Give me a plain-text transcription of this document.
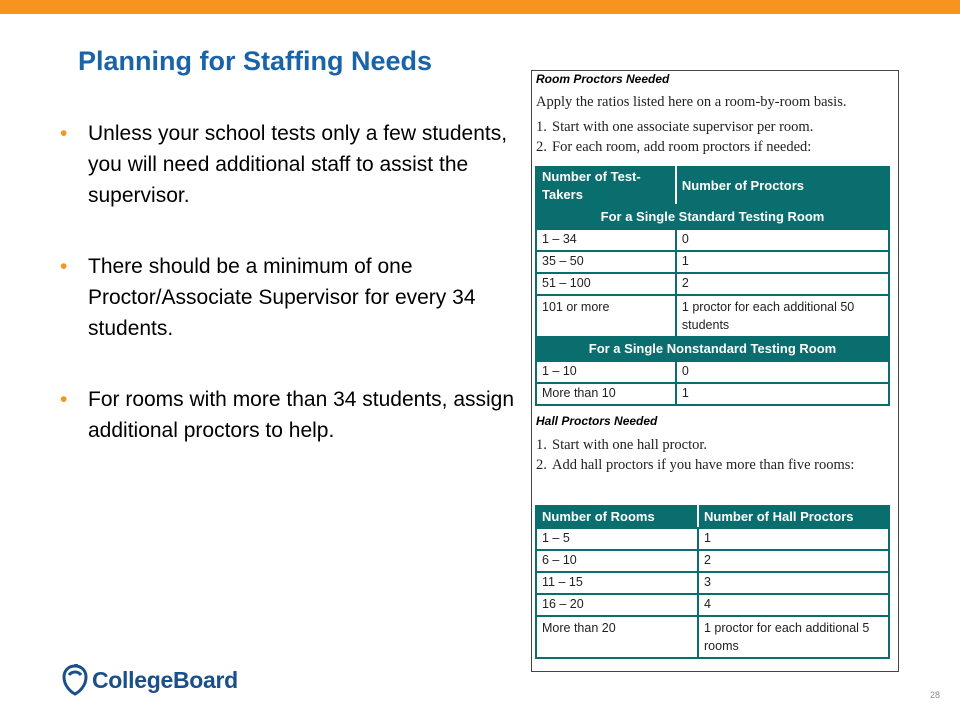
Planning for Staffing Needs
• Unless your school tests only a few students, you will need additional staff to assist the supervisor.
• There should be a minimum of one Proctor/Associate Supervisor for every 34 students.
• For rooms with more than 34 students, assign additional proctors to help.
Room Proctors Needed
Apply the ratios listed here on a room-by-room basis.
1. Start with one associate supervisor per room.
2. For each room, add room proctors if needed:
Number of Test-Takers	Number of Proctors
For a Single Standard Testing Room	
1 – 34	0
35 – 50	1
51 – 100	2
101 or more	1 proctor for each additional 50 students
For a Single Nonstandard Testing Room	
1 – 10	0
More than 10	1
Hall Proctors Needed
1. Start with one hall proctor.
2. Add hall proctors if you have more than five rooms:
Number of Rooms	Number of Hall Proctors
1 – 5	1
6 – 10	2
11 – 15	3
16 – 20	4
More than 20	1 proctor for each additional 5 rooms
CollegeBoard
28
